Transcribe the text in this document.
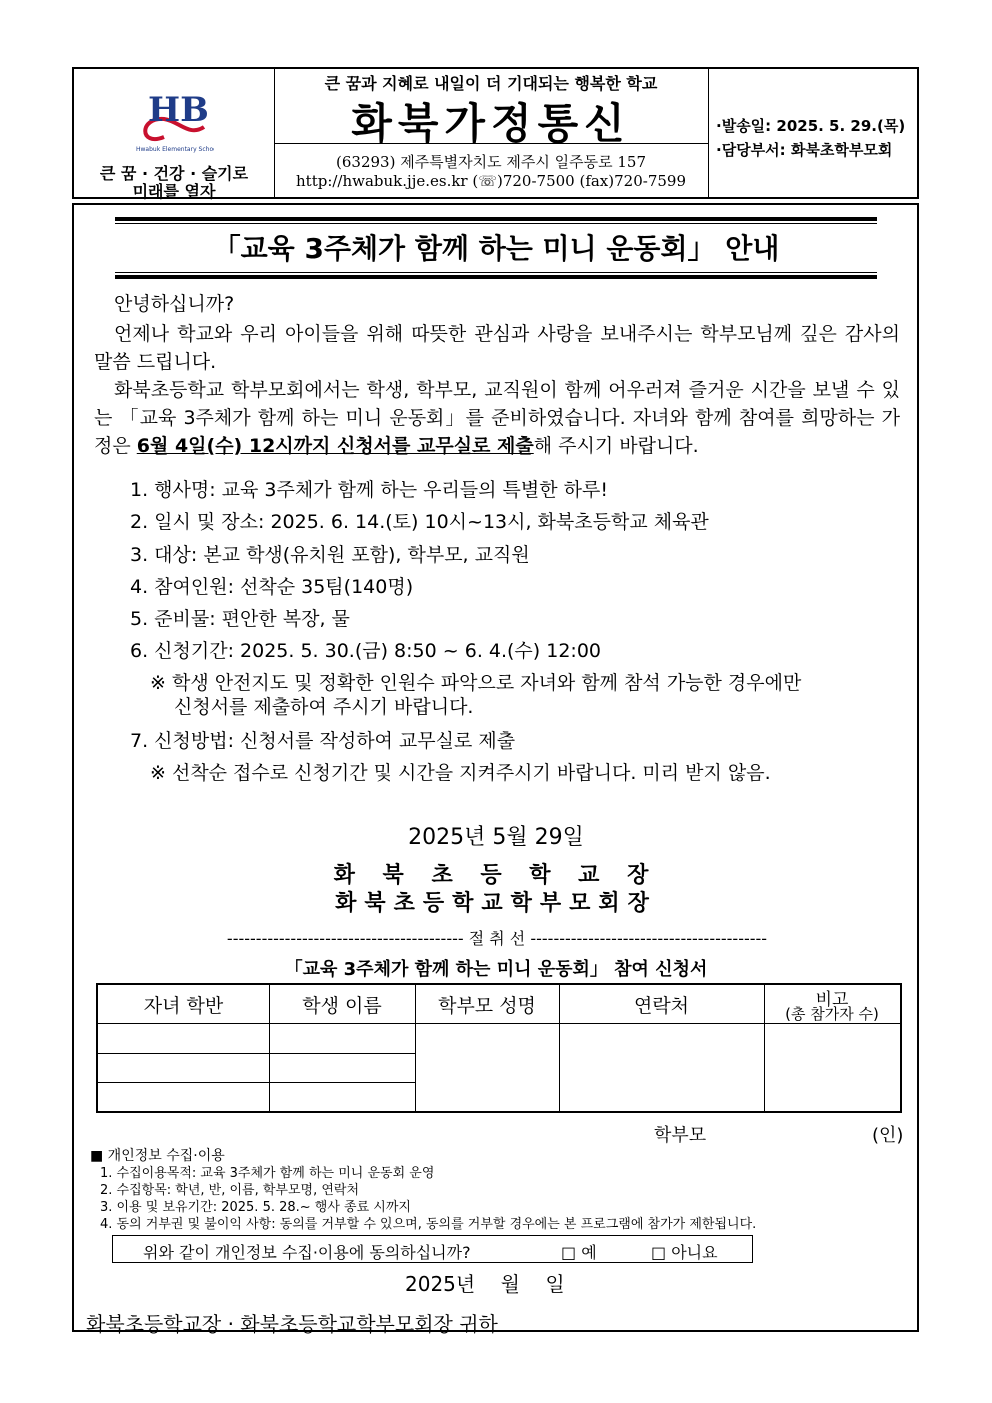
HB
Hwabuk Elementary School
큰 꿈 · 건강 · 슬기로
미래를 열자
큰 꿈과 지혜로 내일이 더 기대되는 행복한 학교
화북가정통신
(63293) 제주특별자치도 제주시 일주동로 157
http://hwabuk.jje.es.kr (☏)720-7500 (fax)720-7599
·발송일: 2025. 5. 29.(목)
·담당부서: 화북초학부모회
「교육 3주체가 함께 하는 미니 운동회」 안내
안녕하십니까?
언제나 학교와 우리 아이들을 위해 따뜻한 관심과 사랑을 보내주시는 학부모님께 깊은 감사의 말씀 드립니다.
화북초등학교 학부모회에서는 학생, 학부모, 교직원이 함께 어우러져 즐거운 시간을 보낼 수 있는 「교육 3주체가 함께 하는 미니 운동회」를 준비하였습니다. 자녀와 함께 참여를 희망하는 가정은 6월 4일(수) 12시까지 신청서를 교무실로 제출해 주시기 바랍니다.
1. 행사명: 교육 3주체가 함께 하는 우리들의 특별한 하루!
2. 일시 및 장소: 2025. 6. 14.(토) 10시~13시, 화북초등학교 체육관
3. 대상: 본교 학생(유치원 포함), 학부모, 교직원
4. 참여인원: 선착순 35팀(140명)
5. 준비물: 편안한 복장, 물
6. 신청기간: 2025. 5. 30.(금) 8:50 ~ 6. 4.(수) 12:00
※ 학생 안전지도 및 정확한 인원수 파악으로 자녀와 함께 참석 가능한 경우에만
신청서를 제출하여 주시기 바랍니다.
7. 신청방법: 신청서를 작성하여 교무실로 제출
※ 선착순 접수로 신청기간 및 시간을 지켜주시기 바랍니다. 미리 받지 않음.
2025년 5월 29일
화 북 초 등 학 교 장
화북초등학교학부모회장
----------------------------------------- 절 취 선 -----------------------------------------
「교육 3주체가 함께 하는 미니 운동회」 참여 신청서
자녀 학반	학생 이름	학부모 성명	연락처	비고
(총 참가자 수)
학부모	(인)
■ 개인정보 수집·이용
1. 수집이용목적: 교육 3주체가 함께 하는 미니 운동회 운영
2. 수집항목: 학년, 반, 이름, 학부모명, 연락처
3. 이용 및 보유기간: 2025. 5. 28.~ 행사 종료 시까지
4. 동의 거부권 및 불이익 사항: 동의를 거부할 수 있으며, 동의를 거부할 경우에는 본 프로그램에 참가가 제한됩니다.
위와 같이 개인정보 수집·이용에 동의하십니까?	□ 예	□ 아니요
2025년    월    일
화북초등학교장 · 화북초등학교학부모회장 귀하
